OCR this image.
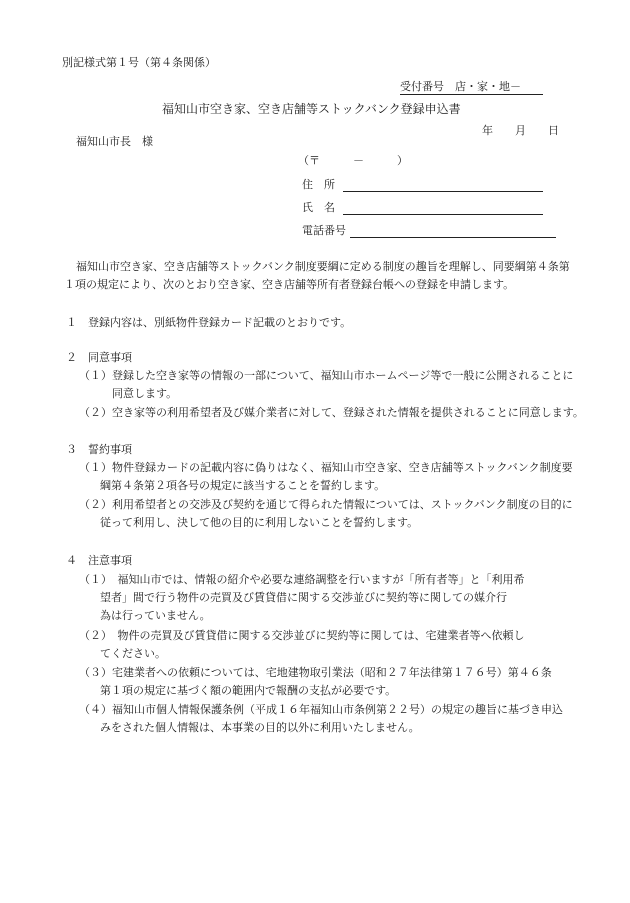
別記様式第１号（第４条関係）
受付番号　店・家・地－
福知山市空き家、空き店舗等ストックバンク登録申込書
年　　月　　日
福知山市長　様
（〒　　　－　　　）
住　所
氏　名
電話番号
福知山市空き家、空き店舗等ストックバンク制度要綱に定める制度の趣旨を理解し、同要綱第４条第
１項の規定により、次のとおり空き家、空き店舗等所有者登録台帳への登録を申請します。
１　登録内容は、別紙物件登録カード記載のとおりです。
２　同意事項
（１）登録した空き家等の情報の一部について、福知山市ホームページ等で一般に公開されることに
同意します。
（２）空き家等の利用希望者及び媒介業者に対して、登録された情報を提供されることに同意します。
３　誓約事項
（１）物件登録カードの記載内容に偽りはなく、福知山市空き家、空き店舗等ストックバンク制度要
綱第４条第２項各号の規定に該当することを誓約します。
（２）利用希望者との交渉及び契約を通じて得られた情報については、ストックバンク制度の目的に
従って利用し、決して他の目的に利用しないことを誓約します。
４　注意事項
（１）　福知山市では、情報の紹介や必要な連絡調整を行いますが「所有者等」と「利用希
望者」間で行う物件の売買及び賃貸借に関する交渉並びに契約等に関しての媒介行
為は行っていません。
（２）　物件の売買及び賃貸借に関する交渉並びに契約等に関しては、宅建業者等へ依頼し
てください。
（３）宅建業者への依頼については、宅地建物取引業法（昭和２７年法律第１７６号）第４６条
第１項の規定に基づく額の範囲内で報酬の支払が必要です。
（４）福知山市個人情報保護条例（平成１６年福知山市条例第２２号）の規定の趣旨に基づき申込
みをされた個人情報は、本事業の目的以外に利用いたしません。
